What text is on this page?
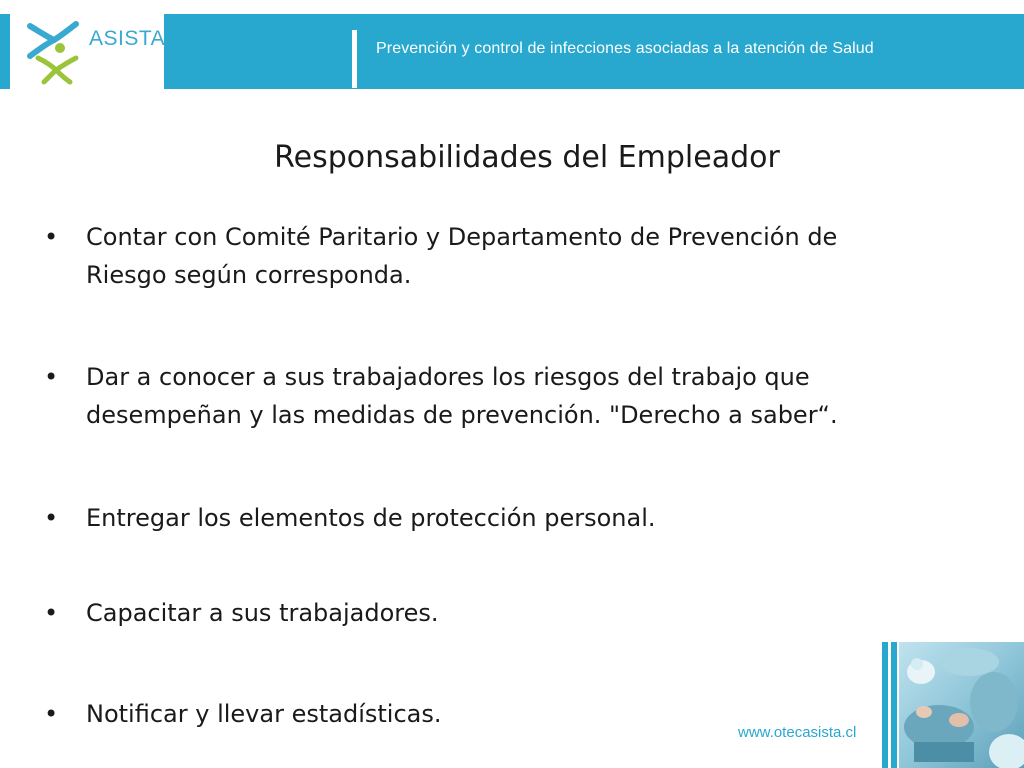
Prevención y control de infecciones asociadas a la atención de Salud
ASISTA
Responsabilidades del Empleador
• Contar con Comité Paritario y Departamento de Prevención de
Riesgo según corresponda.
• Dar a conocer a sus trabajadores los riesgos del trabajo que
desempeñan y las medidas de prevención. "Derecho a saber“.
• Entregar los elementos de protección personal.
• Capacitar a sus trabajadores.
• Notificar y llevar estadísticas.
www.otecasista.cl
